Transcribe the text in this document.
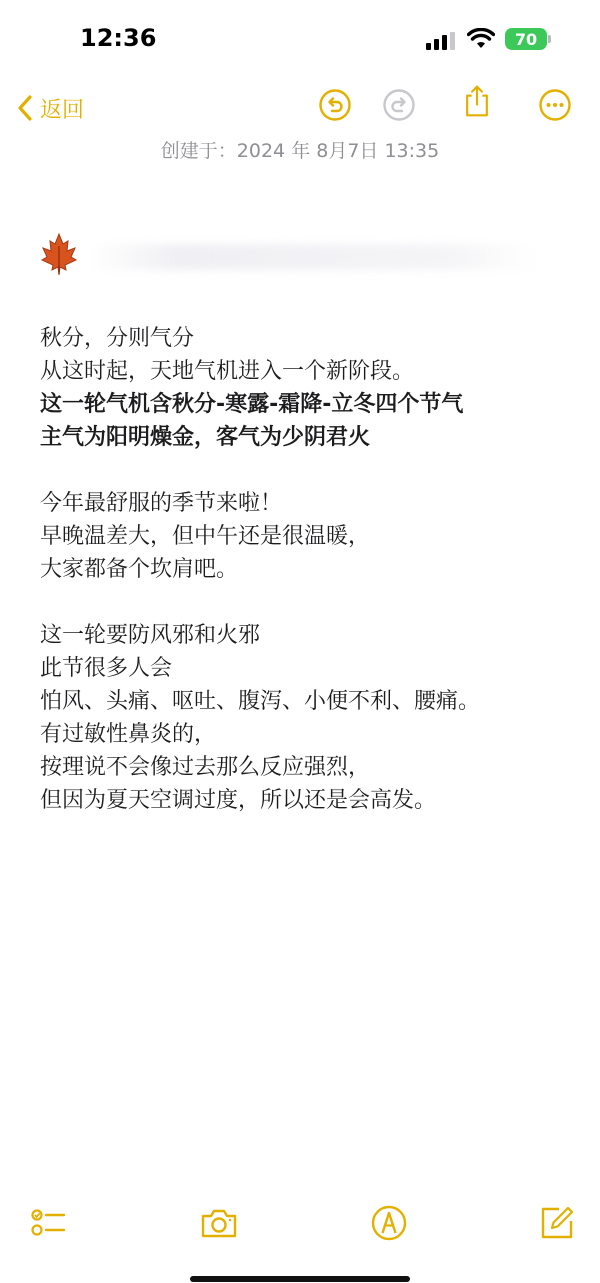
12:36	70
返回
创建于：2024 年 8月7日 13:35

秋分，分则气分

从这时起，天地气机进入一个新阶段。

这一轮气机含秋分-寒露-霜降-立冬四个节气

主气为阳明燥金，客气为少阴君火

今年最舒服的季节来啦！

早晚温差大，但中午还是很温暖，

大家都备个坎肩吧。

这一轮要防风邪和火邪

此节很多人会

怕风、头痛、呕吐、腹泻、小便不利、腰痛。

有过敏性鼻炎的，

按理说不会像过去那么反应强烈，

但因为夏天空调过度，所以还是会高发。
